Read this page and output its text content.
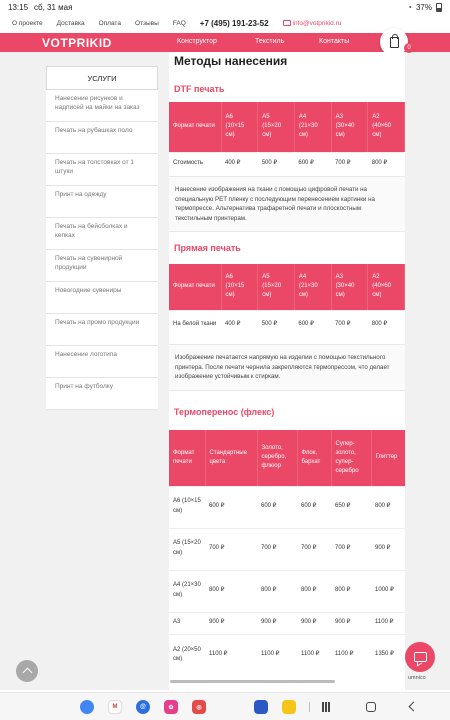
13:15 сб, 31 мая	◔ 37%
О проекте Доставка Оплата Отзывы FAQ +7 (495) 191-23-52	info@votprikid.ru
VOTPRIKID	Конструктор	Текстиль	Контакты
0
УСЛУГИ
Нанесение рисунков и надписей на майки на заказ
Печать на рубашках поло
Печать на толстовках от 1 штуки
Принт на одежду
Печать на бейсболках и кепках
Печать на сувенирной продукции
Новогодние сувениры
Печать на промо продукции
Нанесение логотипа
Принт на футболку
Методы нанесения
DTF печать
Формат печати	А6 (10×15 см)	А5 (15×20 см)	А4 (21×30 см)	А3 (30×40 см)	А2 (40×60 см)
Стоимость	400 ₽	500 ₽	600 ₽	700 ₽	800 ₽
Нанесение изображения на ткани с помощью цифровой печати на специальную PET пленку с последующим перенесением картинки на термопрессе. Альтернатива трафаретной печати и плоскостным текстильным принтерам.
Прямая печать
Формат печати	А6 (10×15 см)	А5 (15×20 см)	А4 (21×30 см)	А3 (30×40 см)	А2 (40×60 см)
На белой ткани	400 ₽	500 ₽	600 ₽	700 ₽	800 ₽
Изображение печатается напрямую на изделии с помощью текстильного принтера. После печати чернила закрепляются термопрессом, что делает изображение устойчивым к стиркам.
Термоперенос (флекс)
Формат печати	Стандартные цвета	Золото, серебро, флюор	Флок, бархат	Супер-золото, супер-серебро	Глиттер
А6 (10×15 см)	600 ₽	600 ₽	600 ₽	650 ₽	800 ₽
А5 (15×20 см)	700 ₽	700 ₽	700 ₽	700 ₽	900 ₽
А4 (21×30 см)	800 ₽	800 ₽	800 ₽	800 ₽	1000 ₽
А3	900 ₽	900 ₽	900 ₽	900 ₽	1100 ₽
А2 (20×50 см)	1100 ₽	1100 ₽	1100 ₽	1100 ₽	1350 ₽
umnico
M	@	✿	◎
